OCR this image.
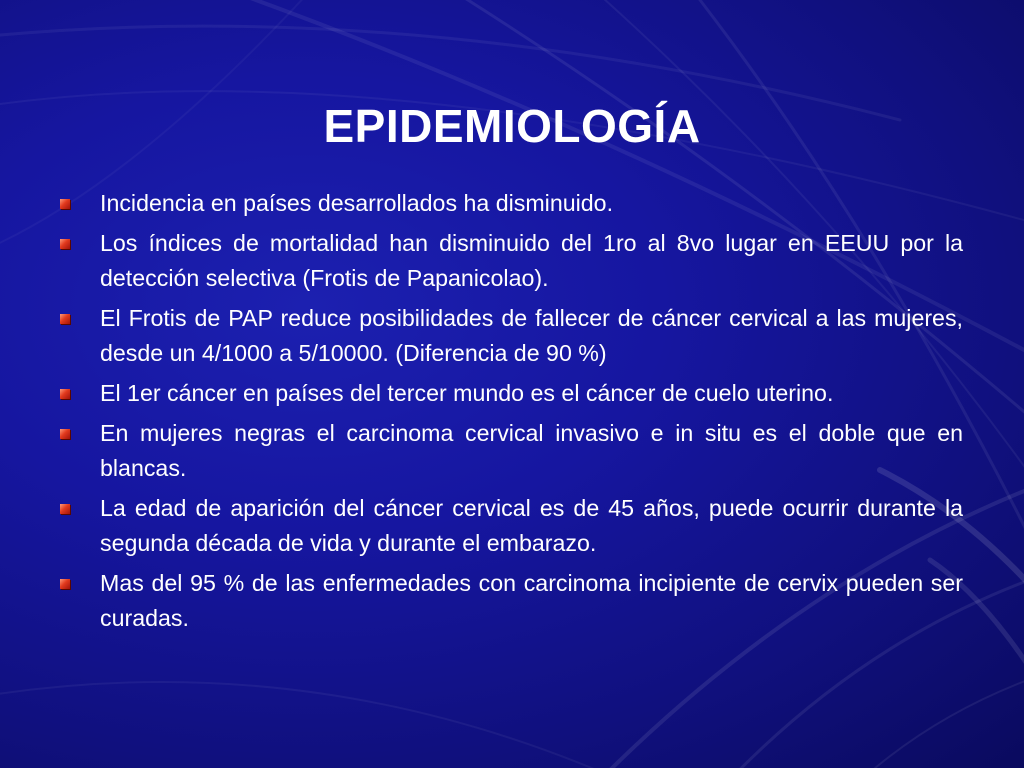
EPIDEMIOLOGÍA
Incidencia en países desarrollados ha disminuido.
Los índices de mortalidad han disminuido del 1ro al 8vo lugar en EEUU por la detección selectiva (Frotis de Papanicolao).
El Frotis de PAP reduce posibilidades de fallecer de cáncer cervical a las mujeres, desde un 4/1000 a 5/10000. (Diferencia de 90 %)
El 1er cáncer en países del tercer mundo es el cáncer de cuelo uterino.
En mujeres negras el carcinoma cervical invasivo e in situ es el doble que en blancas.
La edad de aparición del cáncer cervical es de 45 años, puede ocurrir durante la segunda década de vida y durante el embarazo.
Mas del 95 % de las enfermedades con carcinoma incipiente de cervix pueden ser curadas.
